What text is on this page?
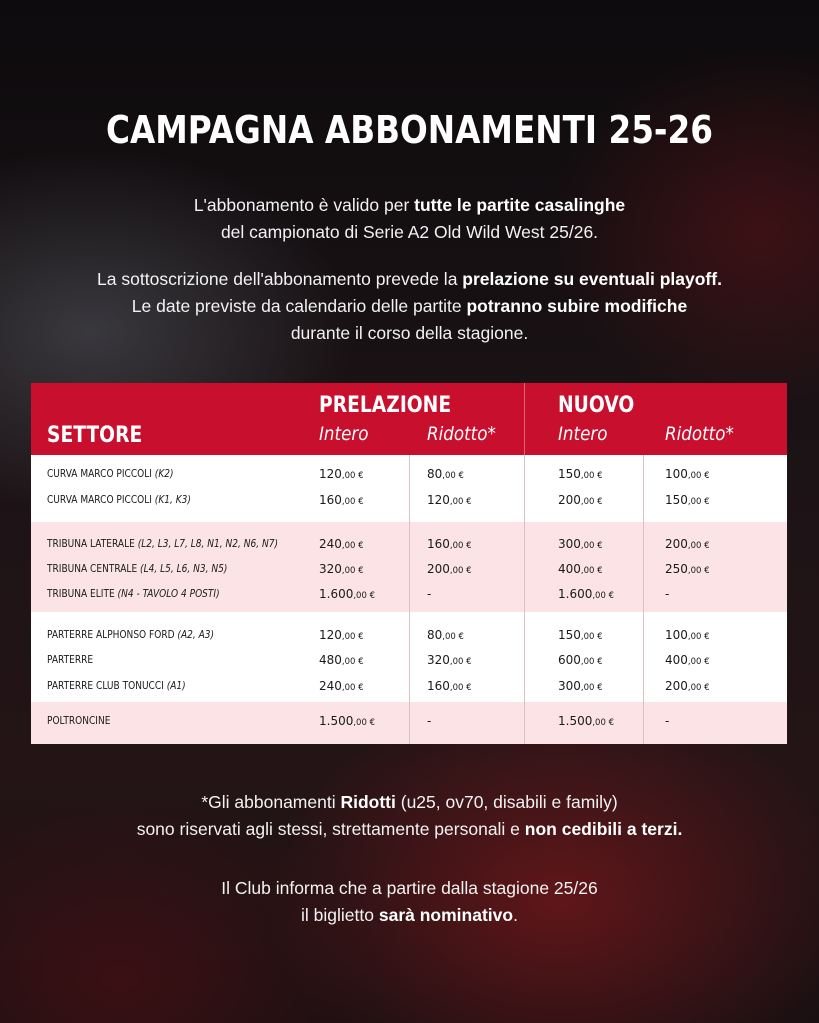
CAMPAGNA ABBONAMENTI 25-26
L'abbonamento è valido per tutte le partite casalinghe
del campionato di Serie A2 Old Wild West 25/26.
La sottoscrizione dell'abbonamento prevede la prelazione su eventuali playoff.
Le date previste da calendario delle partite potranno subire modifiche
durante il corso della stagione.
SETTORE
PRELAZIONE	NUOVO
Intero	Ridotto*	Intero	Ridotto*
CURVA MARCO PICCOLI (K2)	120,00 €	80,00 €	150,00 €	100,00 €
CURVA MARCO PICCOLI (K1, K3)	160,00 €	120,00 €	200,00 €	150,00 €
TRIBUNA LATERALE (L2, L3, L7, L8, N1, N2, N6, N7)	240,00 €	160,00 €	300,00 €	200,00 €
TRIBUNA CENTRALE (L4, L5, L6, N3, N5)	320,00 €	200,00 €	400,00 €	250,00 €
TRIBUNA ELITE (N4 - TAVOLO 4 POSTI)	1.600,00 €	-	1.600,00 €	-
PARTERRE ALPHONSO FORD (A2, A3)	120,00 €	80,00 €	150,00 €	100,00 €
PARTERRE	480,00 €	320,00 €	600,00 €	400,00 €
PARTERRE CLUB TONUCCI (A1)	240,00 €	160,00 €	300,00 €	200,00 €
POLTRONCINE	1.500,00 €	-	1.500,00 €	-
*Gli abbonamenti Ridotti (u25, ov70, disabili e family)
sono riservati agli stessi, strettamente personali e non cedibili a terzi.
Il Club informa che a partire dalla stagione 25/26
il biglietto sarà nominativo.
